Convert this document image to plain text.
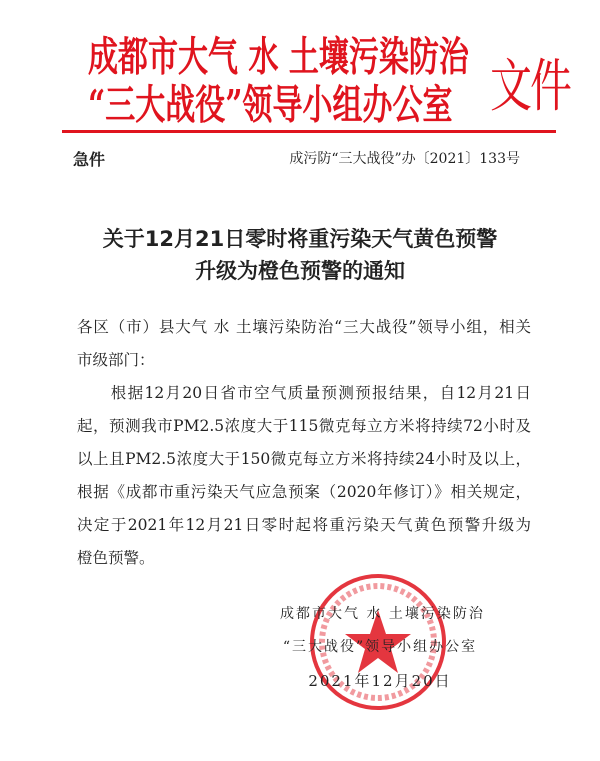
成都市大气 水 土壤污染防治
“三大战役”领导小组办公室 文件
急件	成污防“三大战役”办〔2021〕133号
关于12月21日零时将重污染天气黄色预警
升级为橙色预警的通知
各区（市）县大气 水 土壤污染防治“三大战役”领导小组，相关
市级部门：
　　根据12月20日省市空气质量预测预报结果，自12月21日
起，预测我市PM2.5浓度大于115微克每立方米将持续72小时及
以上且PM2.5浓度大于150微克每立方米将持续24小时及以上，
根据《成都市重污染天气应急预案（2020年修订）》相关规定，
决定于2021年12月21日零时起将重污染天气黄色预警升级为
橙色预警。
成都市大气 水 土壤污染防治
“三大战役”领导小组办公室
2021年12月20日
